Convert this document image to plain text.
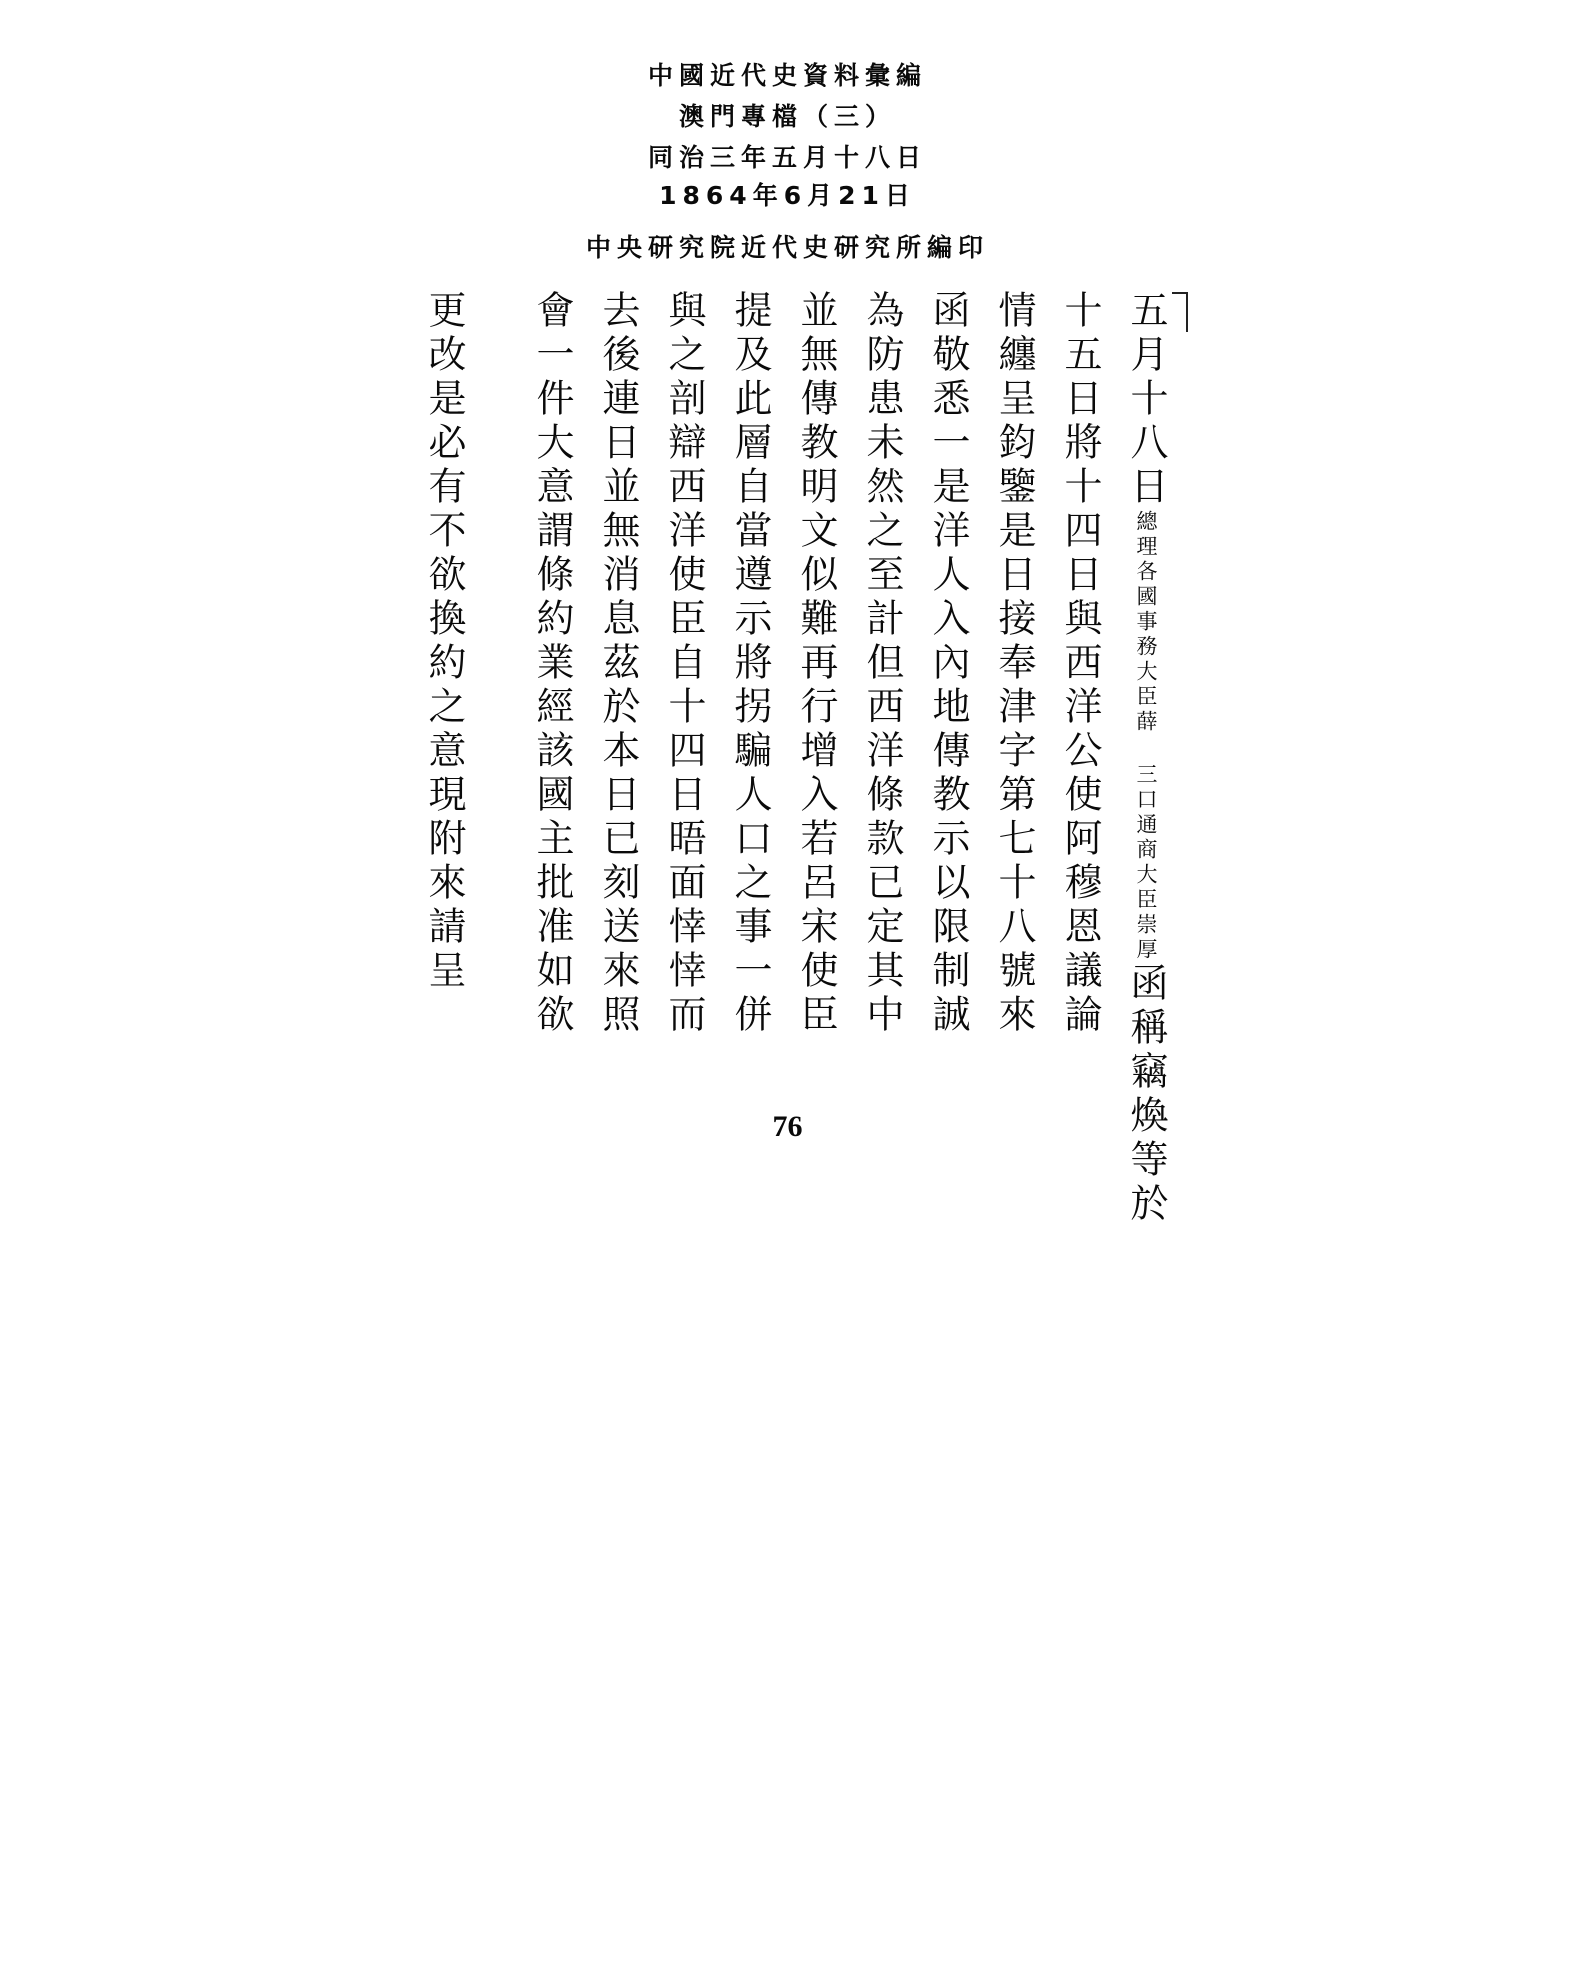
中國近代史資料彙編
澳門專檔（三）
同治三年五月十八日
1864年6月21日
中央研究院近代史研究所編印
五月十八日總理各國事務大臣薛 三口通商大臣崇厚函稱竊煥等於
十五日將十四日與西洋公使阿穆恩議論
情纏呈鈞鑒是日接奉津字第七十八號來
函敬悉一是洋人入內地傳教示以限制誠
為防患未然之至計但西洋條款已定其中
並無傳教明文似難再行增入若呂宋使臣
提及此層自當遵示將拐騙人口之事一併
與之剖辯西洋使臣自十四日晤面悻悻而
去後連日並無消息茲於本日已刻送來照
會一件大意謂條約業經該國主批准如欲
更改是必有不欲換約之意現附來請呈
76
